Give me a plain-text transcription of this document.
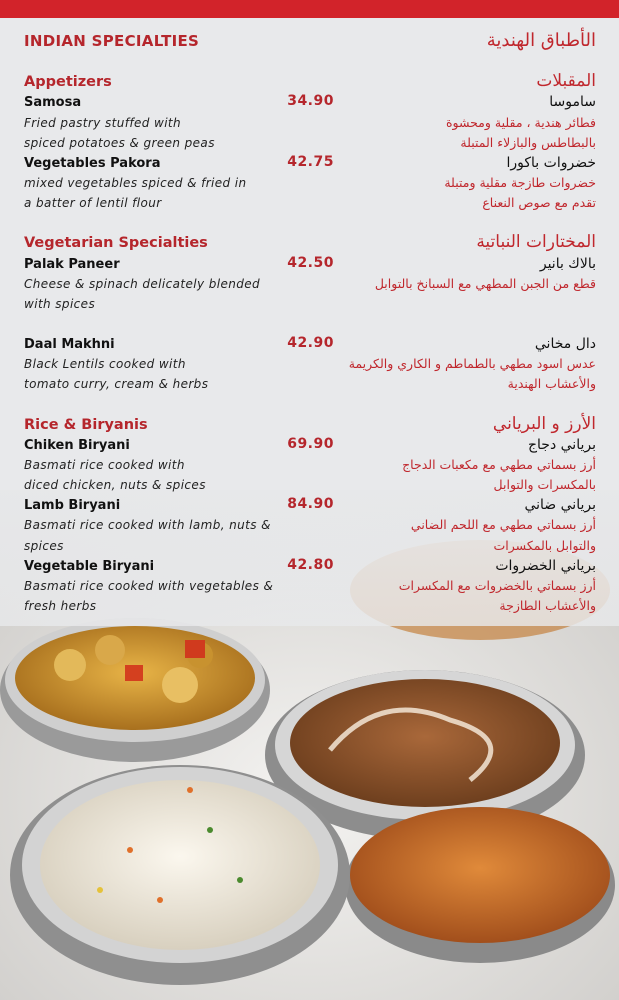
INDIAN SPECIALTIES
Appetizers
Samosa	34.90
Fried pastry stuffed with
spiced potatoes & green peas
Vegetables Pakora	42.75
mixed vegetables spiced & fried in
a batter of lentil flour
Vegetarian Specialties
Palak Paneer	42.50
Cheese & spinach delicately blended
with spices
Daal Makhni	42.90
Black Lentils cooked with
tomato curry, cream & herbs
Rice & Biryanis
Chiken Biryani	69.90
Basmati rice cooked with
diced chicken, nuts & spices
Lamb Biryani	84.90
Basmati rice cooked with lamb, nuts &
spices
Vegetable Biryani	42.80
Basmati rice cooked with vegetables &
fresh herbs
الأطباق الهندية
المقبلات
ساموسا
فطائر هندية ، مقلية ومحشوة
بالبطاطس والبازلاء المتبلة
خضروات باكورا
خضروات طازجة مقلية ومتبلة
تقدم مع صوص النعناع
المختارات النباتية
بالاك بانير
قطع من الجبن المطهي مع السبانخ بالتوابل
دال مخاني
عدس اسود مطهي بالطماطم و الكاري والكريمة
والأعشاب الهندية
الأرز و البرياني
برياني دجاج
أرز بسماتي مطهي مع مكعبات الدجاج
بالمكسرات والتوابل
برياني ضاني
أرز بسماتي مطهي مع اللحم الضاني
والتوابل بالمكسرات
برياني الخضروات
أرز بسماتي بالخضروات مع المكسرات
والأعشاب الطازجة
